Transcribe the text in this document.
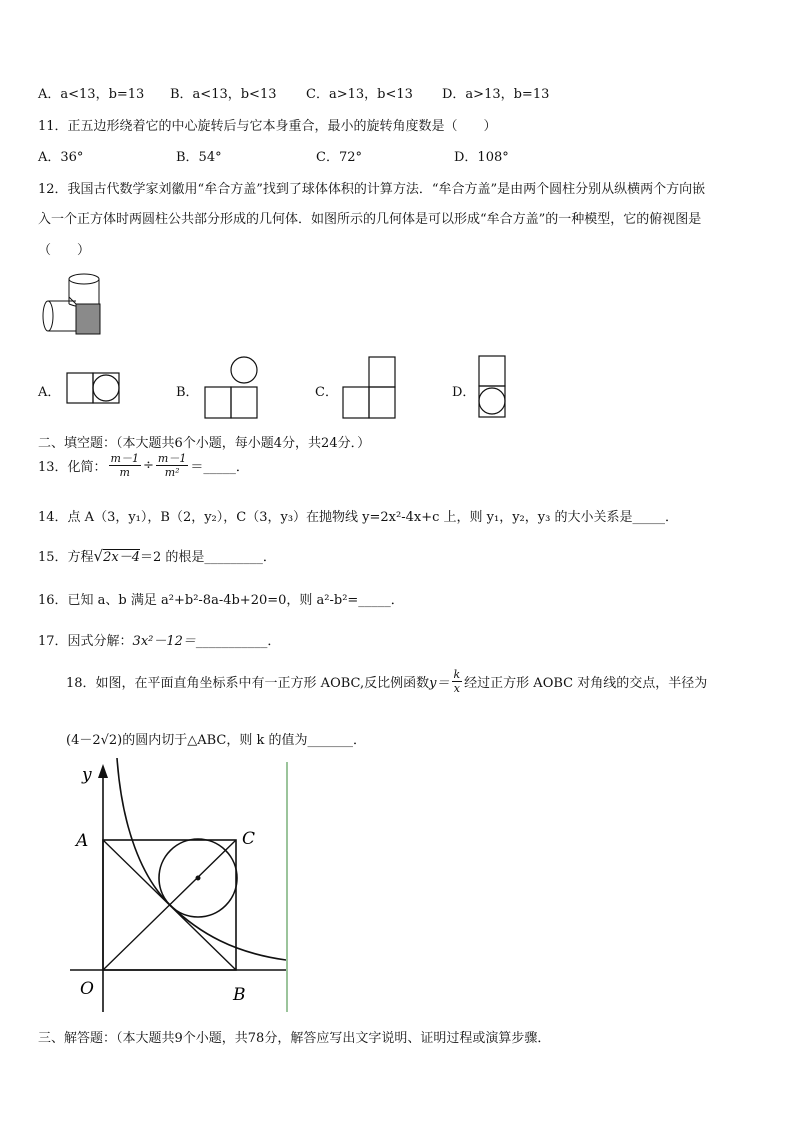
A．a<13，b=13	B．a<13，b<13	C．a>13，b<13	D．a>13，b=13
11．正五边形绕着它的中心旋转后与它本身重合，最小的旋转角度数是（　　）
A．36°	B．54°	C．72°	D．108°
12．我国古代数学家刘徽用“牟合方盖”找到了球体体积的计算方法．“牟合方盖”是由两个圆柱分别从纵横两个方向嵌
入一个正方体时两圆柱公共部分形成的几何体．如图所示的几何体是可以形成“牟合方盖”的一种模型，它的俯视图是
（　　）
A．	B．	C．	D．
二、填空题：（本大题共6个小题，每小题4分，共24分．）
13．化简： $\frac{m-1}{m} \div \frac{m-1}{\text{m²}}$ ＝_____．
14．点 A（3，y₁），B（2，y₂），C（3，y₃）在抛物线 y=2x²-4x+c 上，则 y₁，y₂，y₃ 的大小关系是_____．
15．方程√2x－4＝2 的根是_________．
16．已知 a、b 满足 a²+b²-8a-4b+20=0，则 a²-b²=_____．
17．因式分解：3x²－12＝___________．
18．如图，在平面直角坐标系中有一正方形 AOBC,反比例函数 $y= \frac{k}{x}$ 经过正方形 AOBC 对角线的交点，半径为
(4－2√2)的圆内切于△ABC，则 k 的值为_______．
y
A	C
O	B
三、解答题：（本大题共9个小题，共78分，解答应写出文字说明、证明过程或演算步骤．
